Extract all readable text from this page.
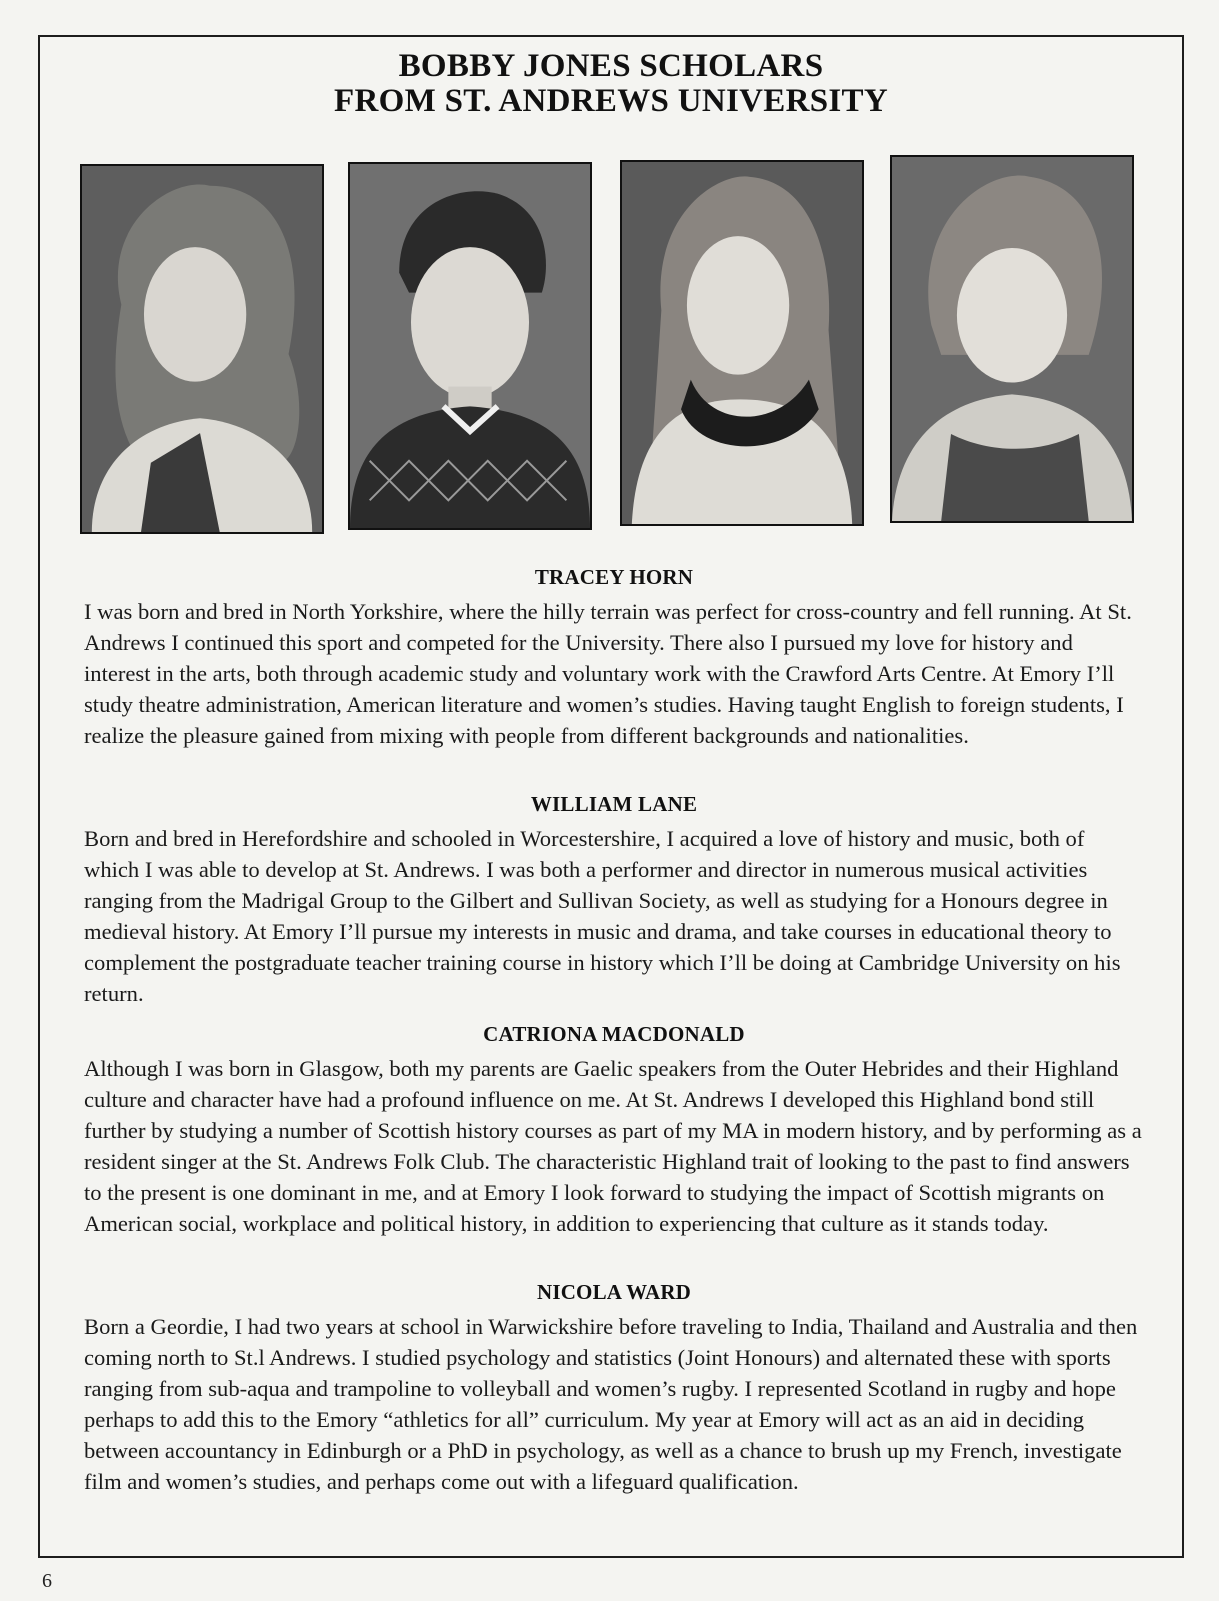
BOBBY JONES SCHOLARS
FROM ST. ANDREWS UNIVERSITY
TRACEY HORN

I was born and bred in North Yorkshire, where the hilly terrain was perfect for cross-country and fell running. At St. Andrews I continued this sport and competed for the University. There also I pursued my love for history and interest in the arts, both through academic study and voluntary work with the Crawford Arts Centre. At Emory I’ll study theatre administration, American literature and women’s studies. Having taught English to foreign students, I realize the pleasure gained from mixing with people from different backgrounds and nationalities.

WILLIAM LANE

Born and bred in Herefordshire and schooled in Worcestershire, I acquired a love of history and music, both of which I was able to develop at St. Andrews. I was both a performer and director in numerous musical activities ranging from the Madrigal Group to the Gilbert and Sullivan Society, as well as studying for a Honours degree in medieval history. At Emory I’ll pursue my interests in music and drama, and take courses in educational theory to complement the postgraduate teacher training course in history which I’ll be doing at Cambridge University on his return.

CATRIONA MACDONALD

Although I was born in Glasgow, both my parents are Gaelic speakers from the Outer Hebrides and their Highland culture and character have had a profound influence on me. At St. Andrews I developed this Highland bond still further by studying a number of Scottish history courses as part of my MA in modern history, and by performing as a resident singer at the St. Andrews Folk Club. The characteristic Highland trait of looking to the past to find answers to the present is one dominant in me, and at Emory I look forward to studying the impact of Scottish migrants on American social, workplace and political history, in addition to experiencing that culture as it stands today.

NICOLA WARD

Born a Geordie, I had two years at school in Warwickshire before traveling to India, Thailand and Australia and then coming north to St.l Andrews. I studied psychology and statistics (Joint Honours) and alternated these with sports ranging from sub-aqua and trampoline to volleyball and women’s rugby. I represented Scotland in rugby and hope perhaps to add this to the Emory “athletics for all” curriculum. My year at Emory will act as an aid in deciding between accountancy in Edinburgh or a PhD in psychology, as well as a chance to brush up my French, investigate film and women’s studies, and perhaps come out with a lifeguard qualification.

6
